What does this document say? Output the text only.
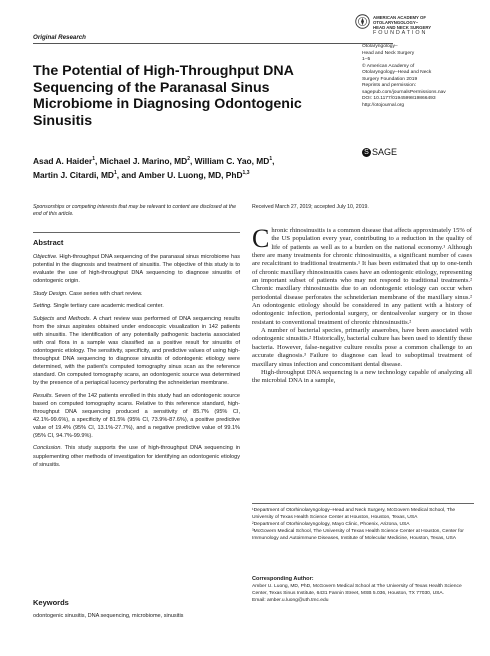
Original Research
AMERICAN ACADEMY OF
OTOLARYNGOLOGY–
HEAD AND NECK SURGERY
FOUNDATION
The Potential of High-Throughput DNA Sequencing of the Paranasal Sinus Microbiome in Diagnosing Odontogenic Sinusitis
Otolaryngology–
Head and Neck Surgery
1–5
© American Academy of
Otolaryngology–Head and Neck
Surgery Foundation 2019
Reprints and permission:
sagepub.com/journalsPermissions.nav
DOI: 10.1177/0194599819866493
http://otojournal.org
S SAGE
Asad A. Haider$^1$, Michael J. Marino, $MD^2$, William C. Yao, $MD^1$,
Martin J. Citardi, $MD^1$, and Amber U. Luong, MD, PhD$^{1,3}$
Sponsorships or competing interests that may be relevant to content are disclosed at the end of this article.
Received March 27, 2019; accepted July 10, 2019.
Abstract

Objective. High-throughput DNA sequencing of the paranasal sinus microbiome has potential in the diagnosis and treatment of sinusitis. The objective of this study is to evaluate the use of high-throughput DNA sequencing to diagnose sinusitis of odontogenic origin.

Study Design. Case series with chart review.

Setting. Single tertiary care academic medical center.

Subjects and Methods. A chart review was performed of DNA sequencing results from the sinus aspirates obtained under endoscopic visualization in 142 patients with sinusitis. The identification of any potentially pathogenic bacteria associated with oral flora in a sample was classified as a positive result for sinusitis of odontogenic etiology. The sensitivity, specificity, and predictive values of using high-throughput DNA sequencing to diagnose sinusitis of odontogenic etiology were determined, with the patient's computed tomography sinus scan as the reference standard. On computed tomography scans, an odontogenic source was determined by the presence of a periapical lucency perforating the schneiderian membrane.

Results. Seven of the 142 patients enrolled in this study had an odontogenic source based on computed tomography scans. Relative to this reference standard, high-throughput DNA sequencing produced a sensitivity of 85.7% (95% CI, 42.1%-99.6%), a specificity of 81.5% (95% CI, 73.9%-87.6%), a positive predictive value of 19.4% (95% CI, 13.1%-27.7%), and a negative predictive value of 99.1% (95% CI, 94.7%-99.9%).

Conclusion. This study supports the use of high-throughput DNA sequencing in supplementing other methods of investigation for identifying an odontogenic etiology of sinusitis.

Keywords
odontogenic sinusitis, DNA sequencing, microbiome, sinusitis

Chronic rhinosinusitis is a common disease that affects approximately 15% of the US population every year, contributing to a reduction in the quality of life of patients as well as to a burden on the national economy.¹ Although there are many treatments for chronic rhinosinusitis, a significant number of cases are recalcitrant to traditional treatments.¹ It has been estimated that up to one-tenth of chronic maxillary rhinosinusitis cases have an odontogenic etiology, representing an important subset of patients who may not respond to traditional treatments.² Chronic maxillary rhinosinusitis due to an odontogenic etiology can occur when periodontal disease perforates the schneiderian membrane of the maxillary sinus.² An odontogenic etiology should be considered in any patient with a history of odontogenic infection, periodontal surgery, or dentoalveolar surgery or in those resistant to conventional treatment of chronic rhinosinusitis.²

A number of bacterial species, primarily anaerobes, have been associated with odontogenic sinusitis.² Historically, bacterial culture has been used to identify these bacteria. However, false-negative culture results pose a common challenge to an accurate diagnosis.³ Failure to diagnose can lead to suboptimal treatment of maxillary sinus infection and concomitant dental disease.

High-throughput DNA sequencing is a new technology capable of analyzing all the microbial DNA in a sample,

¹Department of Otorhinolaryngology–Head and Neck Surgery, McGovern Medical School, The University of Texas Health Science Center at Houston, Houston, Texas, USA

²Department of Otorhinolaryngology, Mayo Clinic, Phoenix, Arizona, USA

³McGovern Medical School, The University of Texas Health Science Center at Houston, Center for Immunology and Autoimmune Diseases, Institute of Molecular Medicine, Houston, Texas, USA

Corresponding Author:
Amber U. Luong, MD, PhD, McGovern Medical School at The University of Texas Health Science Center, Texas Sinus Institute, 6431 Fannin Street, MSB 5.036, Houston, TX 77030, USA.
Email: amber.u.luong@uth.tmc.edu
